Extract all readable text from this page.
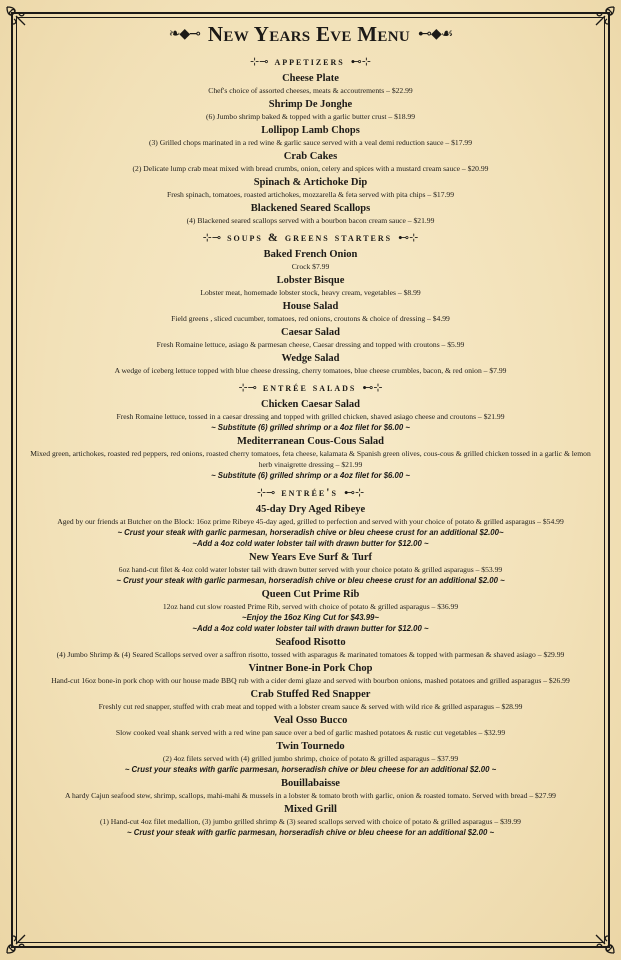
❧◆⊸ New Years Eve Menu ⊷◆☙
⊹⊸ appetizers ⊷⊹
Cheese Plate
Chef's choice of assorted cheeses, meats & accoutrements – $22.99
Shrimp De Jonghe
(6) Jumbo shrimp baked & topped with a garlic butter crust – $18.99
Lollipop Lamb Chops
(3) Grilled chops marinated in a red wine & garlic sauce served with a veal demi reduction sauce – $17.99
Crab Cakes
(2) Delicate lump crab meat mixed with bread crumbs, onion, celery and spices with a mustard cream sauce – $20.99
Spinach & Artichoke Dip
Fresh spinach, tomatoes, roasted artichokes, mozzarella & feta served with pita chips – $17.99
Blackened Seared Scallops
(4) Blackened seared scallops served with a bourbon bacon cream sauce – $21.99
⊹⊸ soups & greens starters ⊷⊹
Baked French Onion
Crock $7.99
Lobster Bisque
Lobster meat, homemade lobster stock, heavy cream, vegetables – $8.99
House Salad
Field greens , sliced cucumber, tomatoes, red onions, croutons & choice of dressing – $4.99
Caesar Salad
Fresh Romaine lettuce, asiago & parmesan cheese, Caesar dressing and topped with croutons – $5.99
Wedge Salad
A wedge of iceberg lettuce topped with blue cheese dressing, cherry tomatoes, blue cheese crumbles, bacon, & red onion – $7.99
⊹⊸ entrée salads ⊷⊹
Chicken Caesar Salad
Fresh Romaine lettuce, tossed in a caesar dressing and topped with grilled chicken, shaved asiago cheese and croutons – $21.99
~ Substitute (6) grilled shrimp or a 4oz filet for $6.00 ~
Mediterranean Cous-Cous Salad
Mixed green, artichokes, roasted red peppers, red onions, roasted cherry tomatoes, feta cheese, kalamata & Spanish green olives, cous-cous & grilled chicken tossed in a garlic & lemon herb vinaigrette dressing – $21.99
~ Substitute (6) grilled shrimp or a 4oz filet for $6.00 ~
⊹⊸ entrée's ⊷⊹
45-day Dry Aged Ribeye
Aged by our friends at Butcher on the Block: 16oz prime Ribeye 45-day aged, grilled to perfection and served with your choice of potato & grilled asparagus – $54.99
~ Crust your steak with garlic parmesan, horseradish chive or bleu cheese crust for an additional $2.00~
~Add a 4oz cold water lobster tail with drawn butter for $12.00 ~
New Years Eve Surf & Turf
6oz hand-cut filet & 4oz cold water lobster tail with drawn butter served with your choice potato & grilled asparagus – $53.99
~ Crust your steak with garlic parmesan, horseradish chive or bleu cheese crust for an additional $2.00 ~
Queen Cut Prime Rib
12oz hand cut slow roasted Prime Rib, served with choice of potato & grilled asparagus – $36.99
~Enjoy the 16oz King Cut for $43.99~
~Add a 4oz cold water lobster tail with drawn butter for $12.00 ~
Seafood Risotto
(4) Jumbo Shrimp & (4) Seared Scallops served over a saffron risotto, tossed with asparagus & marinated tomatoes & topped with parmesan & shaved asiago – $29.99
Vintner Bone-in Pork Chop
Hand-cut 16oz bone-in pork chop with our house made BBQ rub with a cider demi glaze and served with bourbon onions, mashed potatoes and grilled asparagus – $26.99
Crab Stuffed Red Snapper
Freshly cut red snapper, stuffed with crab meat and topped with a lobster cream sauce & served with wild rice & grilled asparagus – $28.99
Veal Osso Bucco
Slow cooked veal shank served with a red wine pan sauce over a bed of garlic mashed potatoes & rustic cut vegetables – $32.99
Twin Tournedo
(2) 4oz filets served with (4) grilled jumbo shrimp, choice of potato & grilled asparagus – $37.99
~ Crust your steaks with garlic parmesan, horseradish chive or bleu cheese for an additional $2.00 ~
Bouillabaisse
A hardy Cajun seafood stew, shrimp, scallops, mahi-mahi & mussels in a lobster & tomato broth with garlic, onion & roasted tomato. Served with bread – $27.99
Mixed Grill
(1) Hand-cut 4oz filet medallion, (3) jumbo grilled shrimp & (3) seared scallops served with choice of potato & grilled asparagus – $39.99
~ Crust your steak with garlic parmesan, horseradish chive or bleu cheese for an additional $2.00 ~
